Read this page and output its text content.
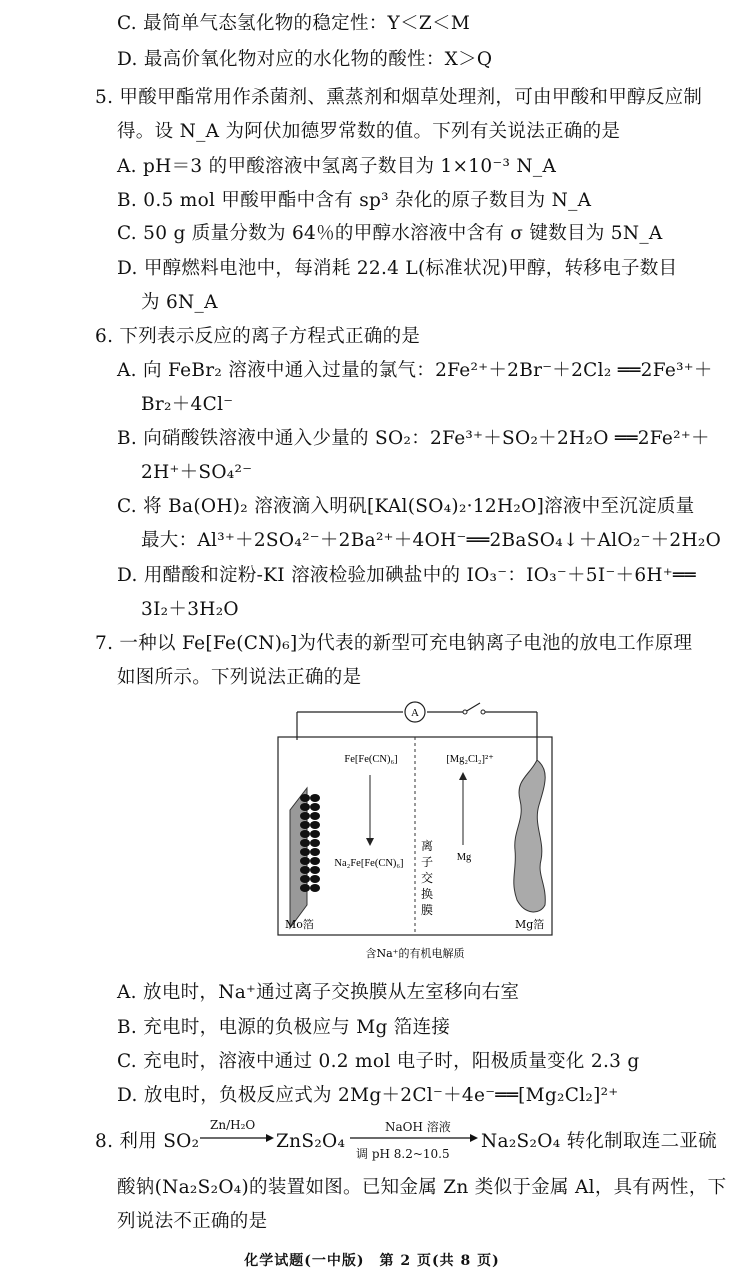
C. 最简单气态氢化物的稳定性：Y＜Z＜M
D. 最高价氧化物对应的水化物的酸性：X＞Q
5. 甲酸甲酯常用作杀菌剂、熏蒸剂和烟草处理剂，可由甲酸和甲醇反应制
得。设 N_A 为阿伏加德罗常数的值。下列有关说法正确的是
A. pH＝3 的甲酸溶液中氢离子数目为 1×10⁻³ N_A
B. 0.5 mol 甲酸甲酯中含有 sp³ 杂化的原子数目为 N_A
C. 50 g 质量分数为 64％的甲醇水溶液中含有 σ 键数目为 5N_A
D. 甲醇燃料电池中，每消耗 22.4 L(标准状况)甲醇，转移电子数目
为 6N_A
6. 下列表示反应的离子方程式正确的是
A. 向 FeBr₂ 溶液中通入过量的氯气：2Fe²⁺＋2Br⁻＋2Cl₂ ══2Fe³⁺＋
Br₂＋4Cl⁻
B. 向硝酸铁溶液中通入少量的 SO₂：2Fe³⁺＋SO₂＋2H₂O ══2Fe²⁺＋
2H⁺＋SO₄²⁻
C. 将 Ba(OH)₂ 溶液滴入明矾[KAl(SO₄)₂·12H₂O]溶液中至沉淀质量
最大：Al³⁺＋2SO₄²⁻＋2Ba²⁺＋4OH⁻══2BaSO₄↓＋AlO₂⁻＋2H₂O
D. 用醋酸和淀粉-KI 溶液检验加碘盐中的 IO₃⁻：IO₃⁻＋5I⁻＋6H⁺══
3I₂＋3H₂O
7. 一种以 Fe[Fe(CN)₆]为代表的新型可充电钠离子电池的放电工作原理
如图所示。下列说法正确的是
A
Fe[Fe(CN)₆]
Na₂Fe[Fe(CN)₆]
[Mg₂Cl₂]²⁺
Mg
离
子
交
换
膜
Mo箔	Mg箔
含Na⁺的有机电解质
A. 放电时，Na⁺通过离子交换膜从左室移向右室
B. 充电时，电源的负极应与 Mg 箔连接
C. 充电时，溶液中通过 0.2 mol 电子时，阳极质量变化 2.3 g
D. 放电时，负极反应式为 2Mg＋2Cl⁻＋4e⁻══[Mg₂Cl₂]²⁺
8. 利用 SO₂
Zn/H₂O
ZnS₂O₄
NaOH 溶液
调 pH 8.2~10.5
Na₂S₂O₄ 转化制取连二亚硫
酸钠(Na₂S₂O₄)的装置如图。已知金属 Zn 类似于金属 Al，具有两性，下
列说法不正确的是
化学试题(一中版)　第 2 页(共 8 页)
